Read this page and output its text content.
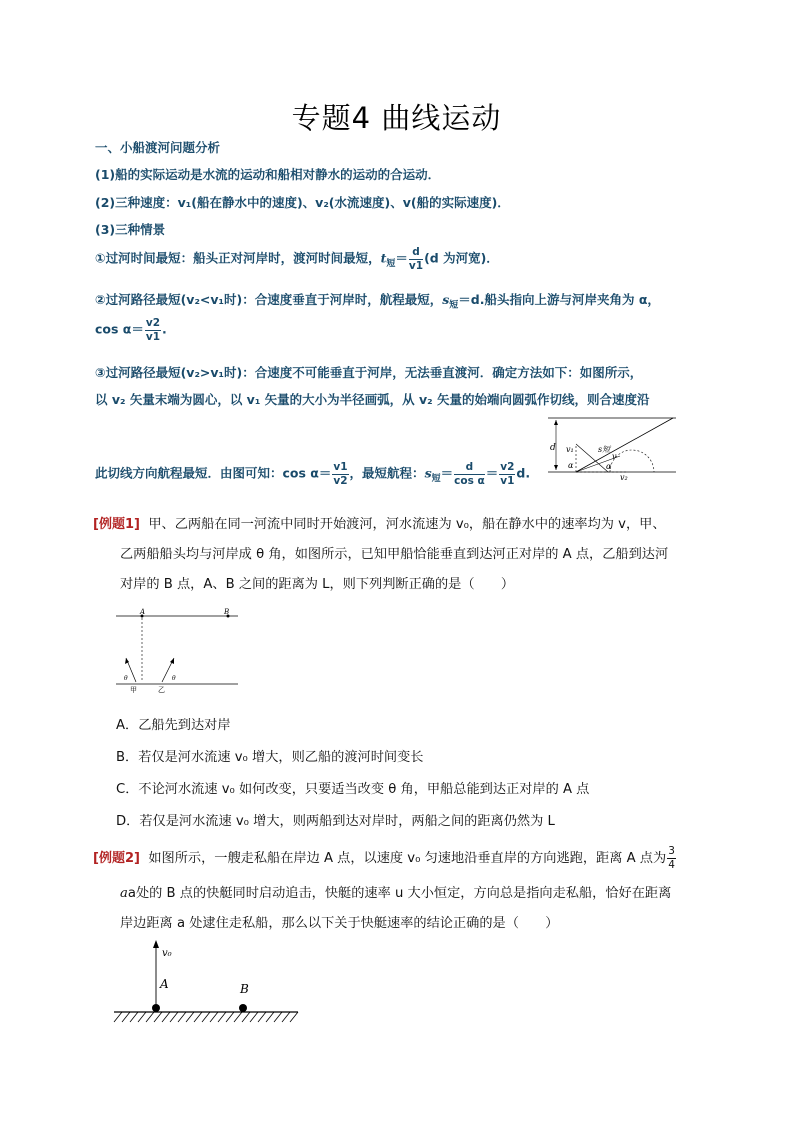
专题4 曲线运动
一、小船渡河问题分析
(1)船的实际运动是水流的运动和船相对静水的运动的合运动．
(2)三种速度：v₁(船在静水中的速度)、v₂(水流速度)、v(船的实际速度)．
(3)三种情景
①过河时间最短：船头正对河岸时，渡河时间最短，$t_短= \frac{d}{v1} (d$ 为河宽)．
②过河路径最短(v₂<v₁时)：合速度垂直于河岸时，航程最短，$s_短=d$.船头指向上游与河岸夹角为 α，
$\cos \alpha= \frac{v2}{v1}$ .
③过河路径最短(v₂>v₁时)：合速度不可能垂直于河岸，无法垂直渡河．确定方法如下：如图所示，
以 v₂ 矢量末端为圆心，以 v₁ 矢量的大小为半径画弧，从 v₂ 矢量的始端向圆弧作切线，则合速度沿
此切线方向航程最短．由图可知：$\cos \alpha= \frac{v1}{v2}$ ，最短航程：$s_短= \frac{d}{\text{cos α}} = \frac{v2}{v1} d$.
d v₁	s短
v
α	α
v₂
[例题1] 甲、乙两船在同一河流中同时开始渡河，河水流速为 v₀，船在静水中的速率均为 v，甲、
乙两船船头均与河岸成 θ 角，如图所示，已知甲船恰能垂直到达河正对岸的 A 点，乙船到达河
对岸的 B 点，A、B 之间的距离为 L，则下列判断正确的是（　　）
A	B
θ	θ
甲	乙
A．乙船先到达对岸
B．若仅是河水流速 v₀ 增大，则乙船的渡河时间变长
C．不论河水流速 v₀ 如何改变，只要适当改变 θ 角，甲船总能到达正对岸的 A 点
D．若仅是河水流速 v₀ 增大，则两船到达对岸时，两船之间的距离仍然为 L
[例题2] 如图所示，一艘走私船在岸边 A 点，以速度 v₀ 匀速地沿垂直岸的方向逃跑，距离 A 点为 $\frac{3}{4}$
aa处的 B 点的快艇同时启动追击，快艇的速率 u 大小恒定，方向总是指向走私船，恰好在距离
岸边距离 a 处逮住走私船，那么以下关于快艇速率的结论正确的是（　　）
v₀
A	B
